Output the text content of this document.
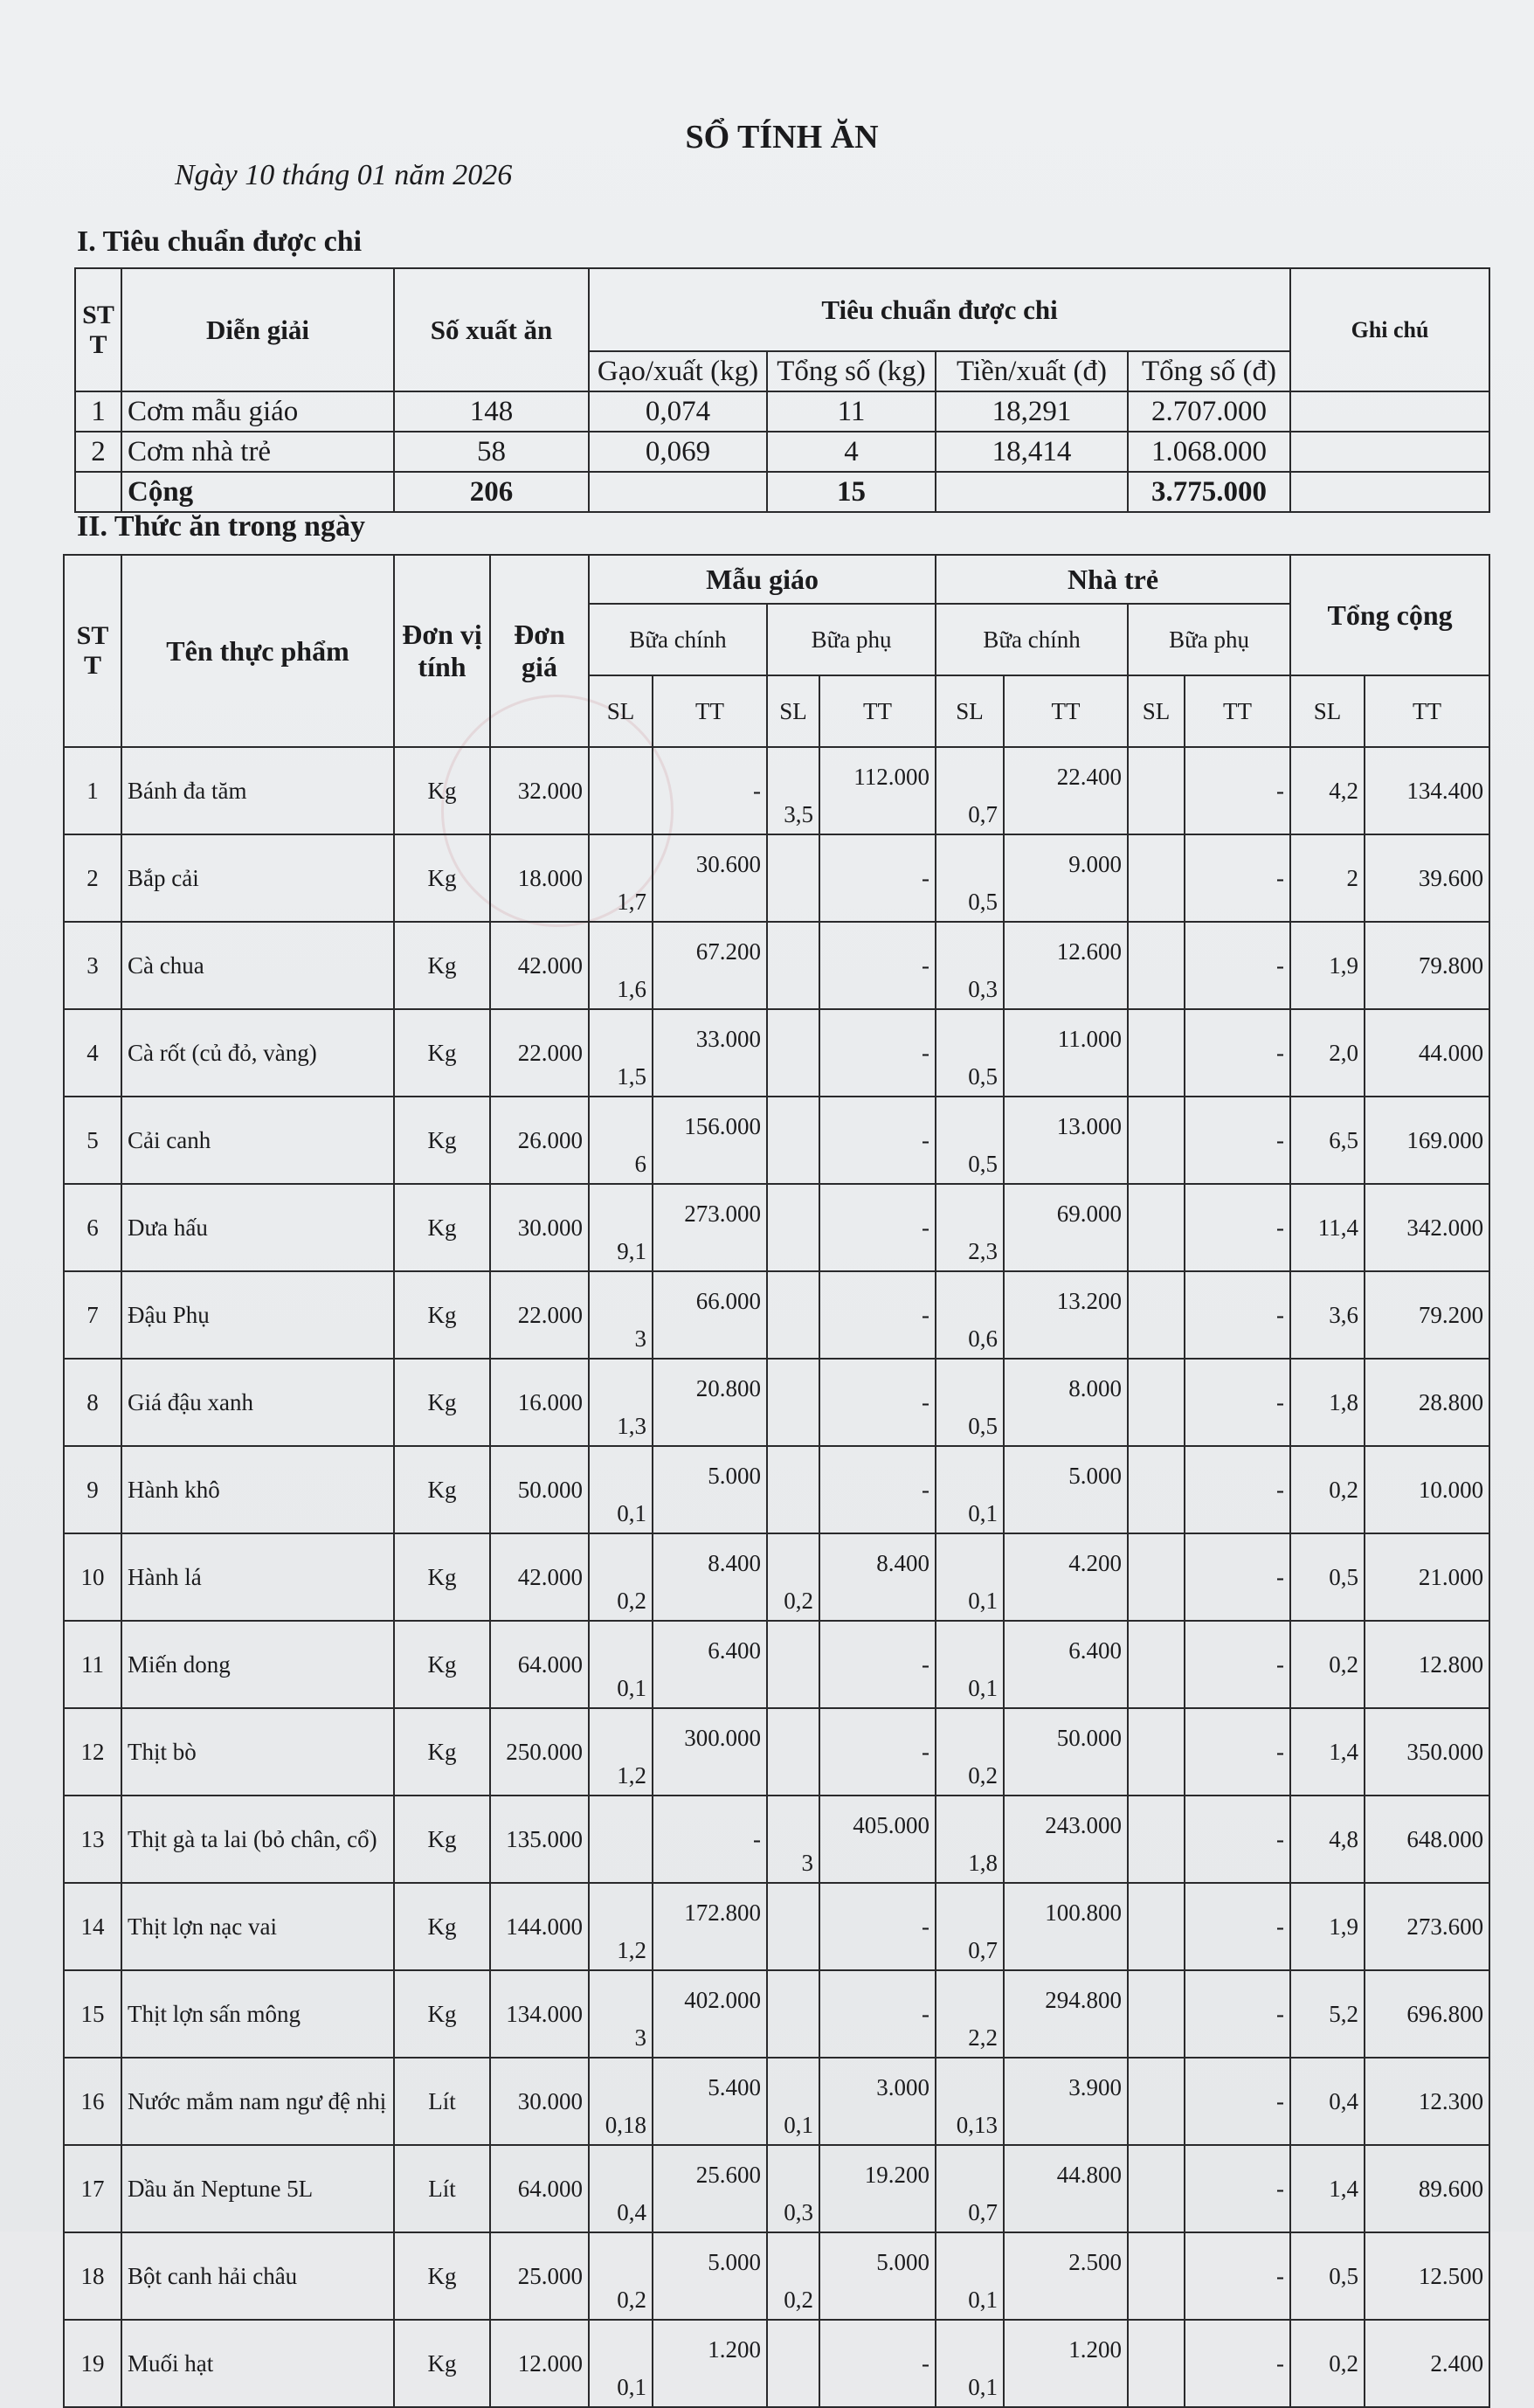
SỔ TÍNH ĂN
Ngày 10 tháng 01 năm 2026
I. Tiêu chuẩn được chi
ST T	Diễn giải	Số xuất ăn	Tiêu chuẩn được chi				Ghi chú
			Gạo/xuất (kg)	Tổng số (kg)	Tiền/xuất (đ)	Tổng số (đ)	
1	Cơm mẫu giáo	148	0,074	11	18,291	2.707.000	
2	Cơm nhà trẻ	58	0,069	4	18,414	1.068.000	
	Cộng	206		15		3.775.000	
II. Thức ăn trong ngày
ST T	Tên thực phẩm	Đơn vị tính	Đơn giá	Mẫu giáo				Nhà trẻ				Tổng cộng	
				Bữa chính		Bữa phụ		Bữa chính		Bữa phụ			
				SL	TT	SL	TT	SL	TT	SL	TT	SL	TT
1	Bánh đa tăm	Kg	32.000		-	3,5	112.000	0,7	22.400		-	4,2	134.400
2	Bắp cải	Kg	18.000	1,7	30.600		-	0,5	9.000		-	2	39.600
3	Cà chua	Kg	42.000	1,6	67.200		-	0,3	12.600		-	1,9	79.800
4	Cà rốt (củ đỏ, vàng)	Kg	22.000	1,5	33.000		-	0,5	11.000		-	2,0	44.000
5	Cải canh	Kg	26.000	6	156.000		-	0,5	13.000		-	6,5	169.000
6	Dưa hấu	Kg	30.000	9,1	273.000		-	2,3	69.000		-	11,4	342.000
7	Đậu Phụ	Kg	22.000	3	66.000		-	0,6	13.200		-	3,6	79.200
8	Giá đậu xanh	Kg	16.000	1,3	20.800		-	0,5	8.000		-	1,8	28.800
9	Hành khô	Kg	50.000	0,1	5.000		-	0,1	5.000		-	0,2	10.000
10	Hành lá	Kg	42.000	0,2	8.400	0,2	8.400	0,1	4.200		-	0,5	21.000
11	Miến dong	Kg	64.000	0,1	6.400		-	0,1	6.400		-	0,2	12.800
12	Thịt bò	Kg	250.000	1,2	300.000		-	0,2	50.000		-	1,4	350.000
13	Thịt gà ta lai (bỏ chân, cổ)	Kg	135.000		-	3	405.000	1,8	243.000		-	4,8	648.000
14	Thịt lợn nạc vai	Kg	144.000	1,2	172.800		-	0,7	100.800		-	1,9	273.600
15	Thịt lợn sấn mông	Kg	134.000	3	402.000		-	2,2	294.800		-	5,2	696.800
16	Nước mắm nam ngư đệ nhị	Lít	30.000	0,18	5.400	0,1	3.000	0,13	3.900		-	0,4	12.300
17	Dầu ăn Neptune 5L	Lít	64.000	0,4	25.600	0,3	19.200	0,7	44.800		-	1,4	89.600
18	Bột canh hải châu	Kg	25.000	0,2	5.000	0,2	5.000	0,1	2.500		-	0,5	12.500
19	Muối hạt	Kg	12.000	0,1	1.200		-	0,1	1.200		-	0,2	2.400
